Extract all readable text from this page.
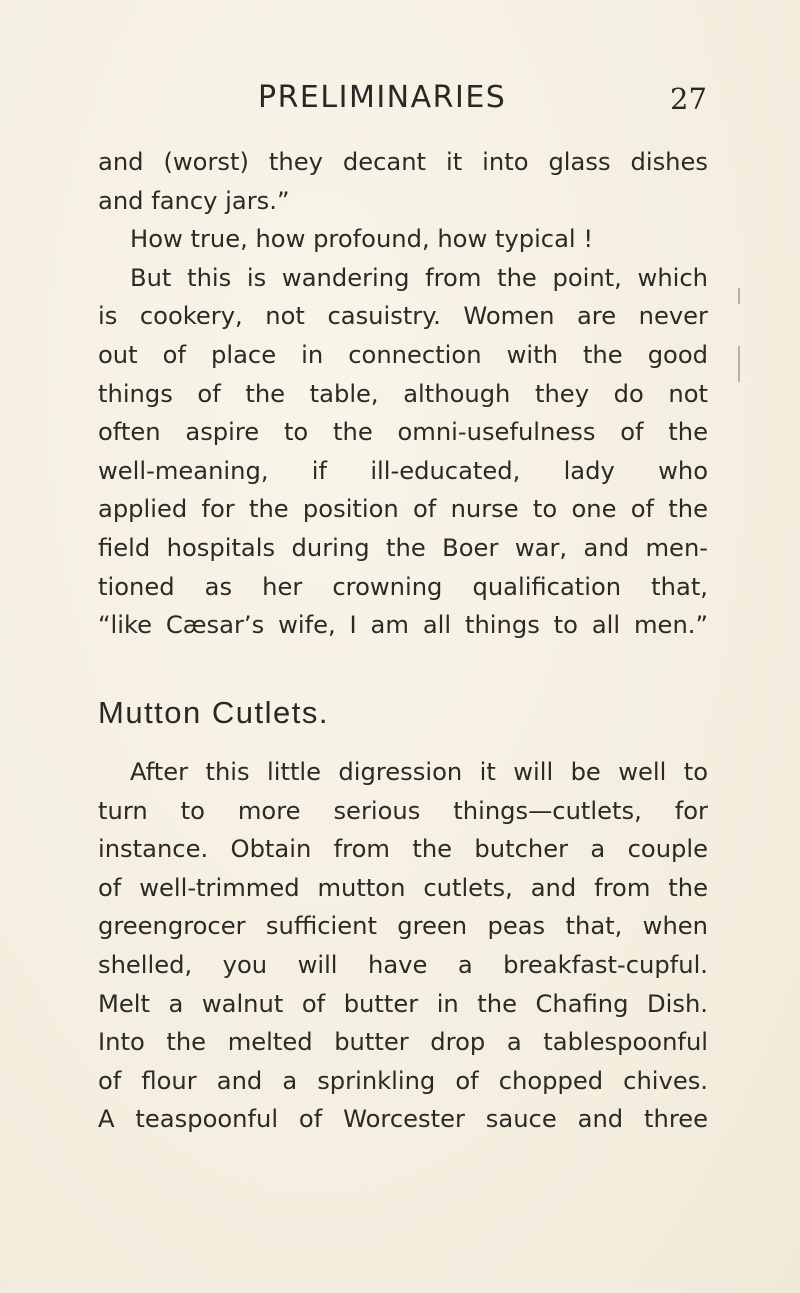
PRELIMINARIES	27
and (worst) they decant it into glass dishes
and fancy jars.”
How true, how profound, how typical !
But this is wandering from the point, which
is cookery, not casuistry. Women are never
out of place in connection with the good
things of the table, although they do not
often aspire to the omni-usefulness of the
well-meaning, if ill-educated, lady who
applied for the position of nurse to one of the
field hospitals during the Boer war, and men-
tioned as her crowning qualification that,
“like Cæsar’s wife, I am all things to all men.”
Mutton Cutlets.
After this little digression it will be well to
turn to more serious things—cutlets, for
instance. Obtain from the butcher a couple
of well-trimmed mutton cutlets, and from the
greengrocer sufficient green peas that, when
shelled, you will have a breakfast-cupful.
Melt a walnut of butter in the Chafing Dish.
Into the melted butter drop a tablespoonful
of flour and a sprinkling of chopped chives.
A teaspoonful of Worcester sauce and three
